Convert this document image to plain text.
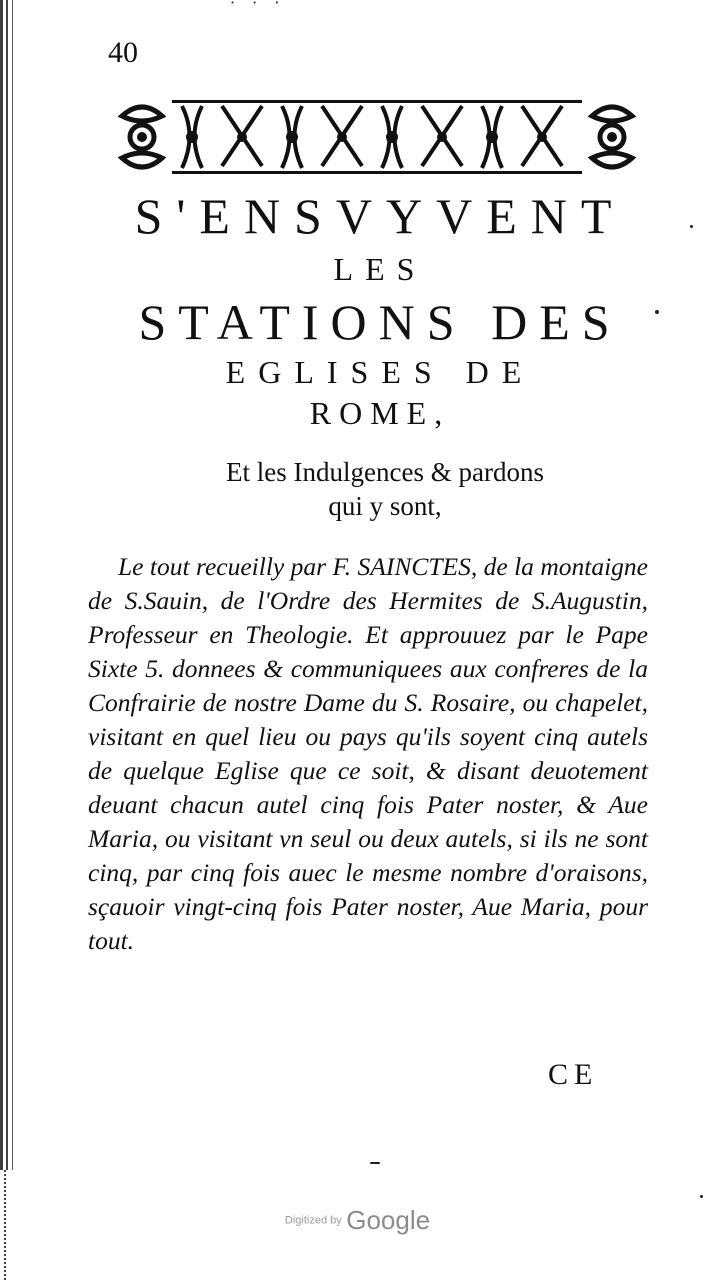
· · ·
40
S'ENSVYVENT
LES
STATIONS DES
EGLISES DE
ROME,
Et les Indulgences & pardons
qui y sont,
Le tout recueilly par F. SAINCTES, de la montaigne de S.Sauin, de l'Ordre des Hermites de S.Augustin, Professeur en Theologie. Et approuuez par le Pape Sixte 5. donnees & communiquees aux confreres de la Confrairie de nostre Dame du S. Rosaire, ou chapelet, visitant en quel lieu ou pays qu'ils soyent cinq autels de quelque Eglise que ce soit, & disant deuotement deuant chacun autel cinq fois Pater noster, & Aue Maria, ou visitant vn seul ou deux autels, si ils ne sont cinq, par cinq fois auec le mesme nombre d'oraisons, sçauoir vingt-cinq fois Pater noster, Aue Maria, pour tout.
CE
Digitized by Google
